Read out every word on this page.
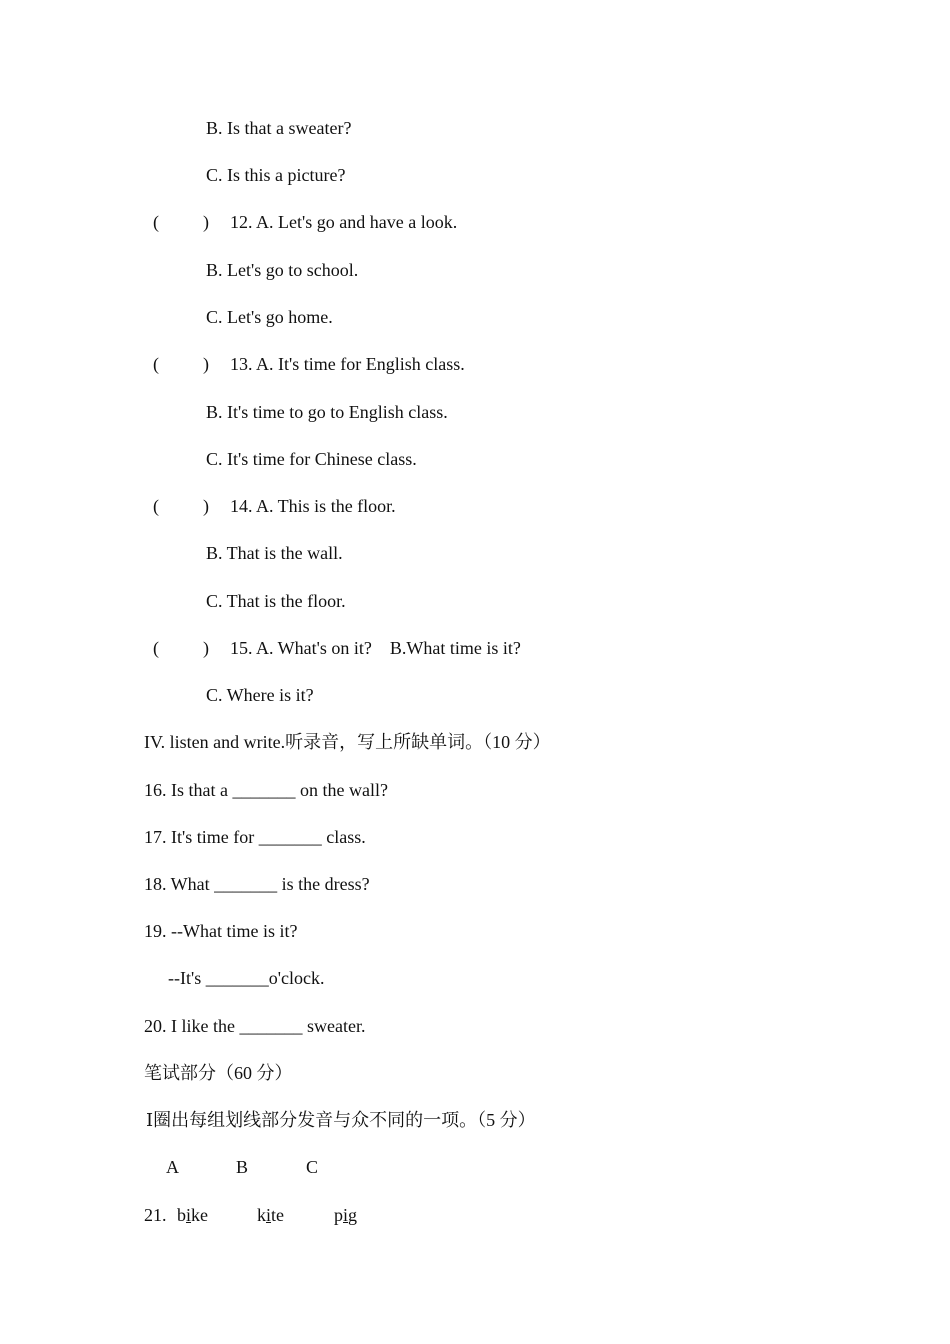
B. Is that a sweater?
C. Is this a picture?
( ) 12. A. Let's go and have a look.
B. Let's go to school.
C. Let's go home.
( ) 13. A. It's time for English class.
B. It's time to go to English class.
C. It's time for Chinese class.
( ) 14. A. This is the floor.
B. That is the wall.
C. That is the floor.
( ) 15. A. What's on it?    B.What time is it?
C. Where is it?
IV. listen and write.听录音，写上所缺单词。（10 分）
16. Is that a _______ on the wall?
17. It's time for _______ class.
18. What _______ is the dress?
19. --What time is it?
--It's _______o'clock.
20. I like the _______ sweater.
笔试部分（60 分）
Ⅰ圈出每组划线部分发音与众不同的一项。（5 分）
A	B	C
21. bike	kite	pig
